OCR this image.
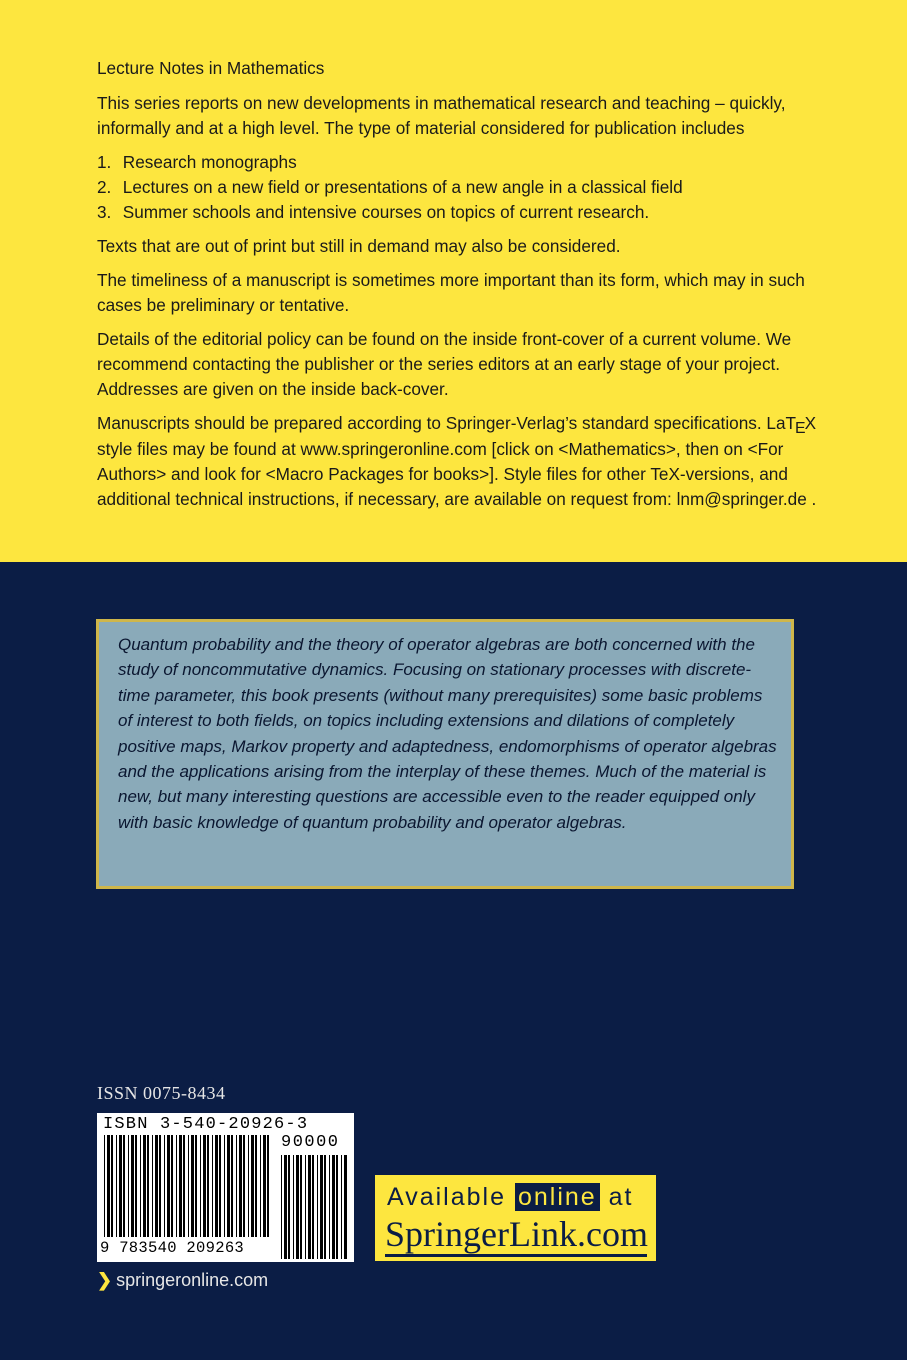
Lecture Notes in Mathematics

This series reports on new developments in mathematical research and teaching – quickly, informally and at a high level. The type of material considered for publication includes

1. Research monographs
2. Lectures on a new field or presentations of a new angle in a classical field
3. Summer schools and intensive courses on topics of current research.

Texts that are out of print but still in demand may also be considered.

The timeliness of a manuscript is sometimes more important than its form, which may in such cases be preliminary or tentative.

Details of the editorial policy can be found on the inside front-cover of a current volume. We recommend contacting the publisher or the series editors at an early stage of your project. Addresses are given on the inside back-cover.

Manuscripts should be prepared according to Springer-Verlag’s standard specifications. LaTEX style files may be found at www.springeronline.com [click on <Mathematics>, then on <For Authors> and look for <Macro Packages for books>]. Style files for other TeX-versions, and additional technical instructions, if necessary, are available on request from: lnm@springer.de .

Quantum probability and the theory of operator algebras are both concerned with the study of noncommutative dynamics. Focusing on stationary processes with discrete-time parameter, this book presents (without many prerequisites) some basic problems of interest to both fields, on topics including extensions and dilations of completely positive maps, Markov property and adaptedness, endomorphisms of operator algebras and the applications arising from the interplay of these themes. Much of the material is new, but many interesting questions are accessible even to the reader equipped only with basic knowledge of quantum probability and operator algebras.
ISSN 0075-8434
ISBN 3-540-20926-3
90000
9 783540 209263
❯ springeronline.com
Available online at
SpringerLink.com
